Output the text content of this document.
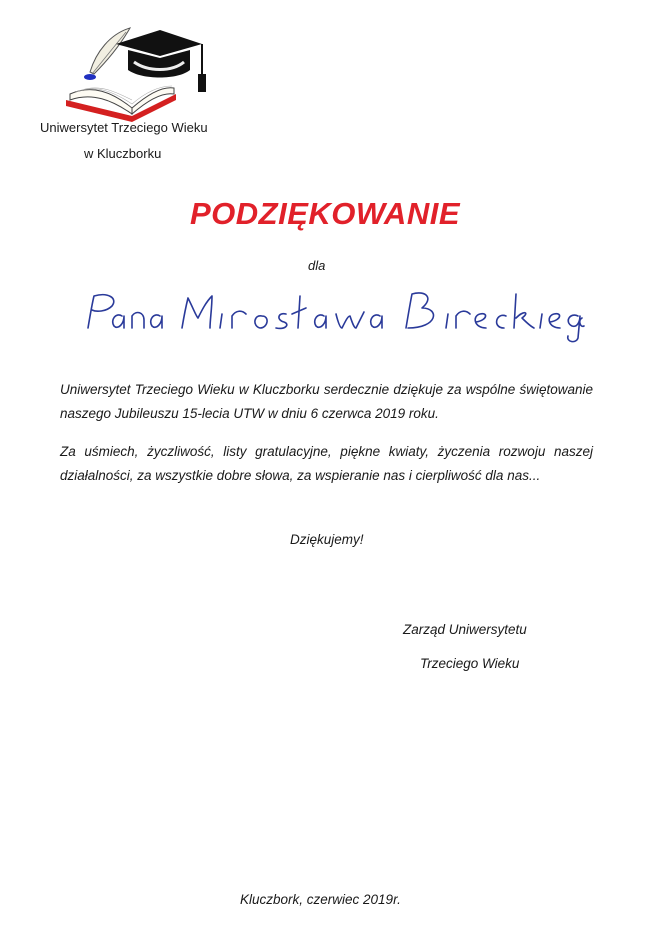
Uniwersytet Trzeciego Wieku
w Kluczborku
PODZIĘKOWANIE
dla
Uniwersytet Trzeciego Wieku w Kluczborku serdecznie dziękuje za wspólne świętowanie naszego Jubileuszu 15-lecia UTW w dniu 6 czerwca 2019 roku.
Za uśmiech, życzliwość, listy gratulacyjne, piękne kwiaty, życzenia rozwoju naszej działalności, za wszystkie dobre słowa, za wspieranie nas i cierpliwość dla nas...
Dziękujemy!
Zarząd Uniwersytetu
Trzeciego Wieku
Kluczbork, czerwiec 2019r.
